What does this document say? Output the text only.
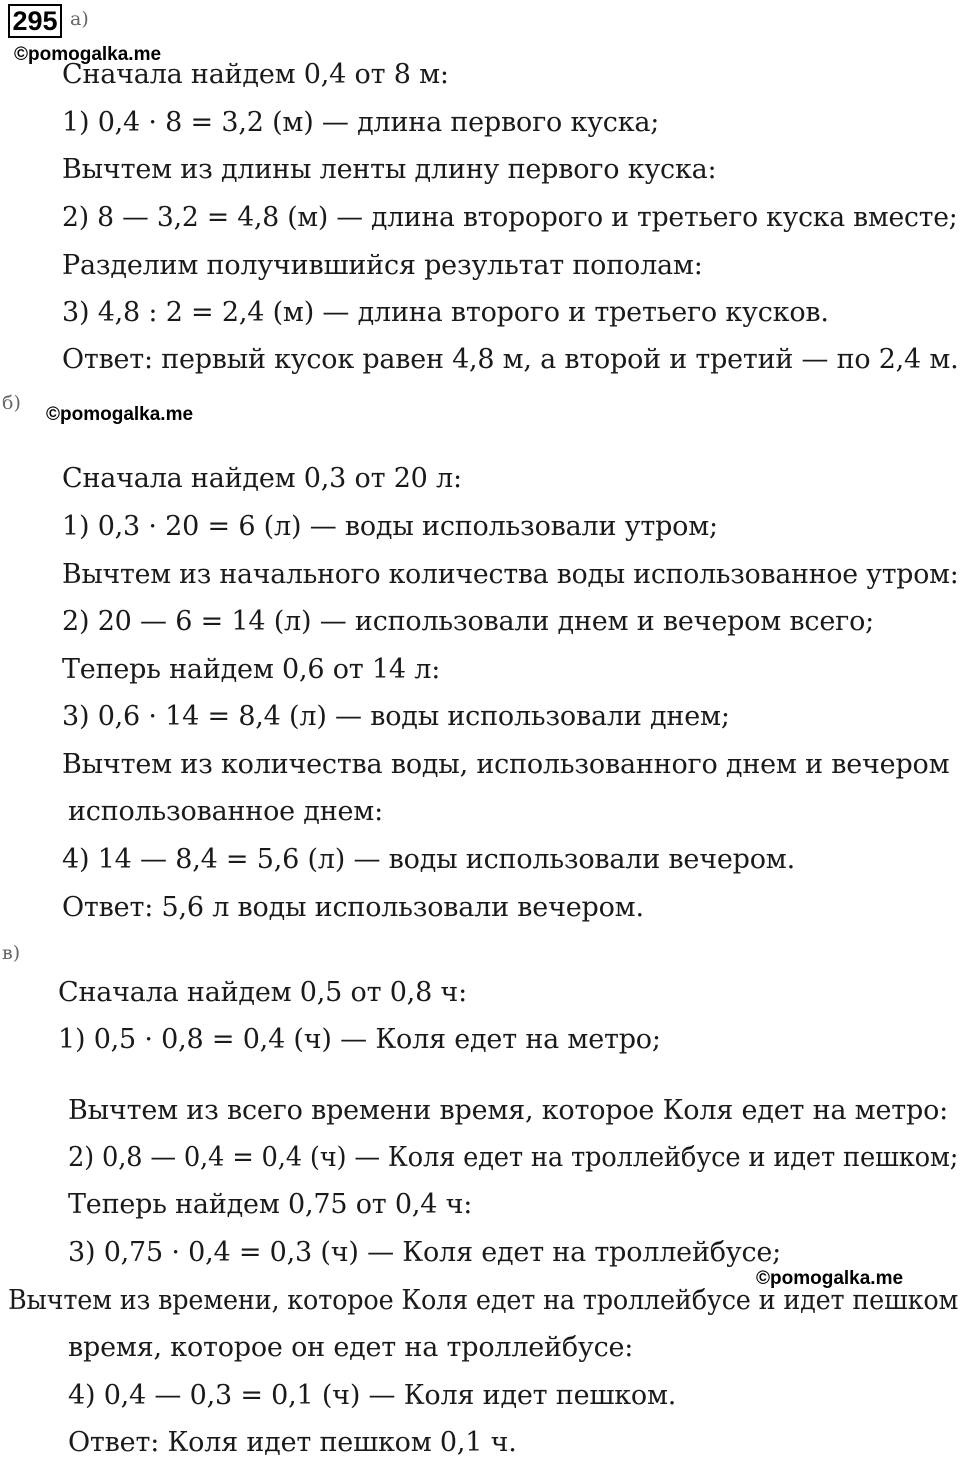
295 а)
©pomogalka.me
Сначала найдем 0,4 от 8 м:
1) 0,4 · 8 = 3,2 (м) — длина первого куска;
Вычтем из длины ленты длину первого куска:
2) 8 — 3,2 = 4,8 (м) — длина второрого и третьего куска вместе;
Разделим получившийся результат пополам:
3) 4,8 : 2 = 2,4 (м) — длина второго и третьего кусков.
Ответ: первый кусок равен 4,8 м, а второй и третий — по 2,4 м.
б)
©pomogalka.me
Сначала найдем 0,3 от 20 л:
1) 0,3 · 20 = 6 (л) — воды использовали утром;
Вычтем из начального количества воды использованное утром:
2) 20 — 6 = 14 (л) — использовали днем и вечером всего;
Теперь найдем 0,6 от 14 л:
3) 0,6 · 14 = 8,4 (л) — воды использовали днем;
Вычтем из количества воды, использованного днем и вечером
использованное днем:
4) 14 — 8,4 = 5,6 (л) — воды использовали вечером.
Ответ: 5,6 л воды использовали вечером.
в)
Сначала найдем 0,5 от 0,8 ч:
1) 0,5 · 0,8 = 0,4 (ч) — Коля едет на метро;
Вычтем из всего времени время, которое Коля едет на метро:
2) 0,8 — 0,4 = 0,4 (ч) — Коля едет на троллейбусе и идет пешком;
Теперь найдем 0,75 от 0,4 ч:
3) 0,75 · 0,4 = 0,3 (ч) — Коля едет на троллейбусе;
©pomogalka.me
Вычтем из времени, которое Коля едет на троллейбусе и идет пешком
время, которое он едет на троллейбусе:
4) 0,4 — 0,3 = 0,1 (ч) — Коля идет пешком.
Ответ: Коля идет пешком 0,1 ч.
